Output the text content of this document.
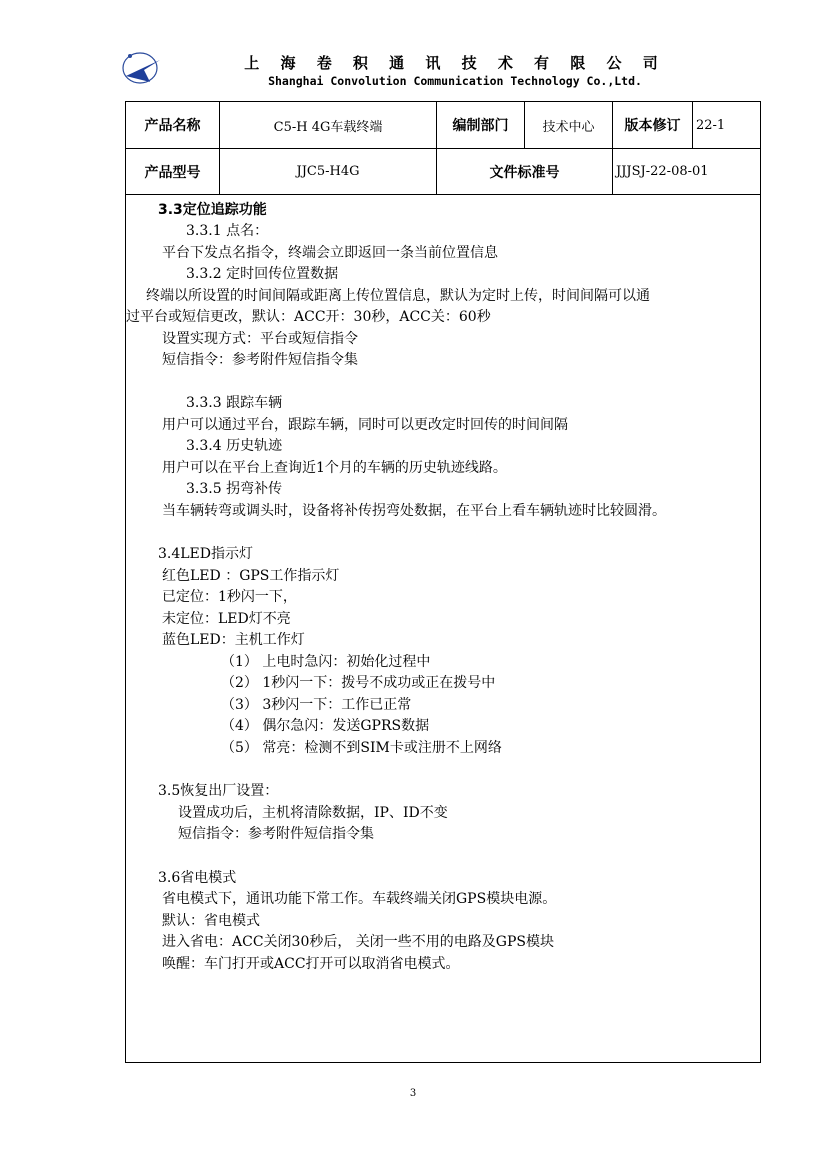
上 海 卷 积 通 讯 技 术 有 限 公 司
Shanghai Convolution Communication Technology Co.,Ltd.
产品名称	C5-H 4G车载终端	编制部门	技术中心	版本修订	22-1
产品型号	JJC5-H4G	文件标准号	JJJSJ-22-08-01
3.3定位追踪功能
3.3.1 点名：
平台下发点名指令，终端会立即返回一条当前位置信息
3.3.2 定时回传位置数据
终端以所设置的时间间隔或距离上传位置信息，默认为定时上传，时间间隔可以通
过平台或短信更改，默认：ACC开：30秒，ACC关：60秒
设置实现方式：平台或短信指令
短信指令：参考附件短信指令集
3.3.3 跟踪车辆
用户可以通过平台，跟踪车辆，同时可以更改定时回传的时间间隔
3.3.4 历史轨迹
用户可以在平台上查询近1个月的车辆的历史轨迹线路。
3.3.5 拐弯补传
当车辆转弯或调头时，设备将补传拐弯处数据，在平台上看车辆轨迹时比较圆滑。
3.4LED指示灯
红色LED ：GPS工作指示灯
已定位：1秒闪一下，
未定位：LED灯不亮
蓝色LED：主机工作灯
（1） 上电时急闪：初始化过程中
（2） 1秒闪一下：拨号不成功或正在拨号中
（3） 3秒闪一下：工作已正常
（4） 偶尔急闪：发送GPRS数据
（5） 常亮：检测不到SIM卡或注册不上网络
3.5恢复出厂设置：
设置成功后，主机将清除数据，IP、ID不变
短信指令：参考附件短信指令集
3.6省电模式
省电模式下，通讯功能下常工作。车载终端关闭GPS模块电源。
默认：省电模式
进入省电：ACC关闭30秒后， 关闭一些不用的电路及GPS模块
唤醒：车门打开或ACC打开可以取消省电模式。
3
